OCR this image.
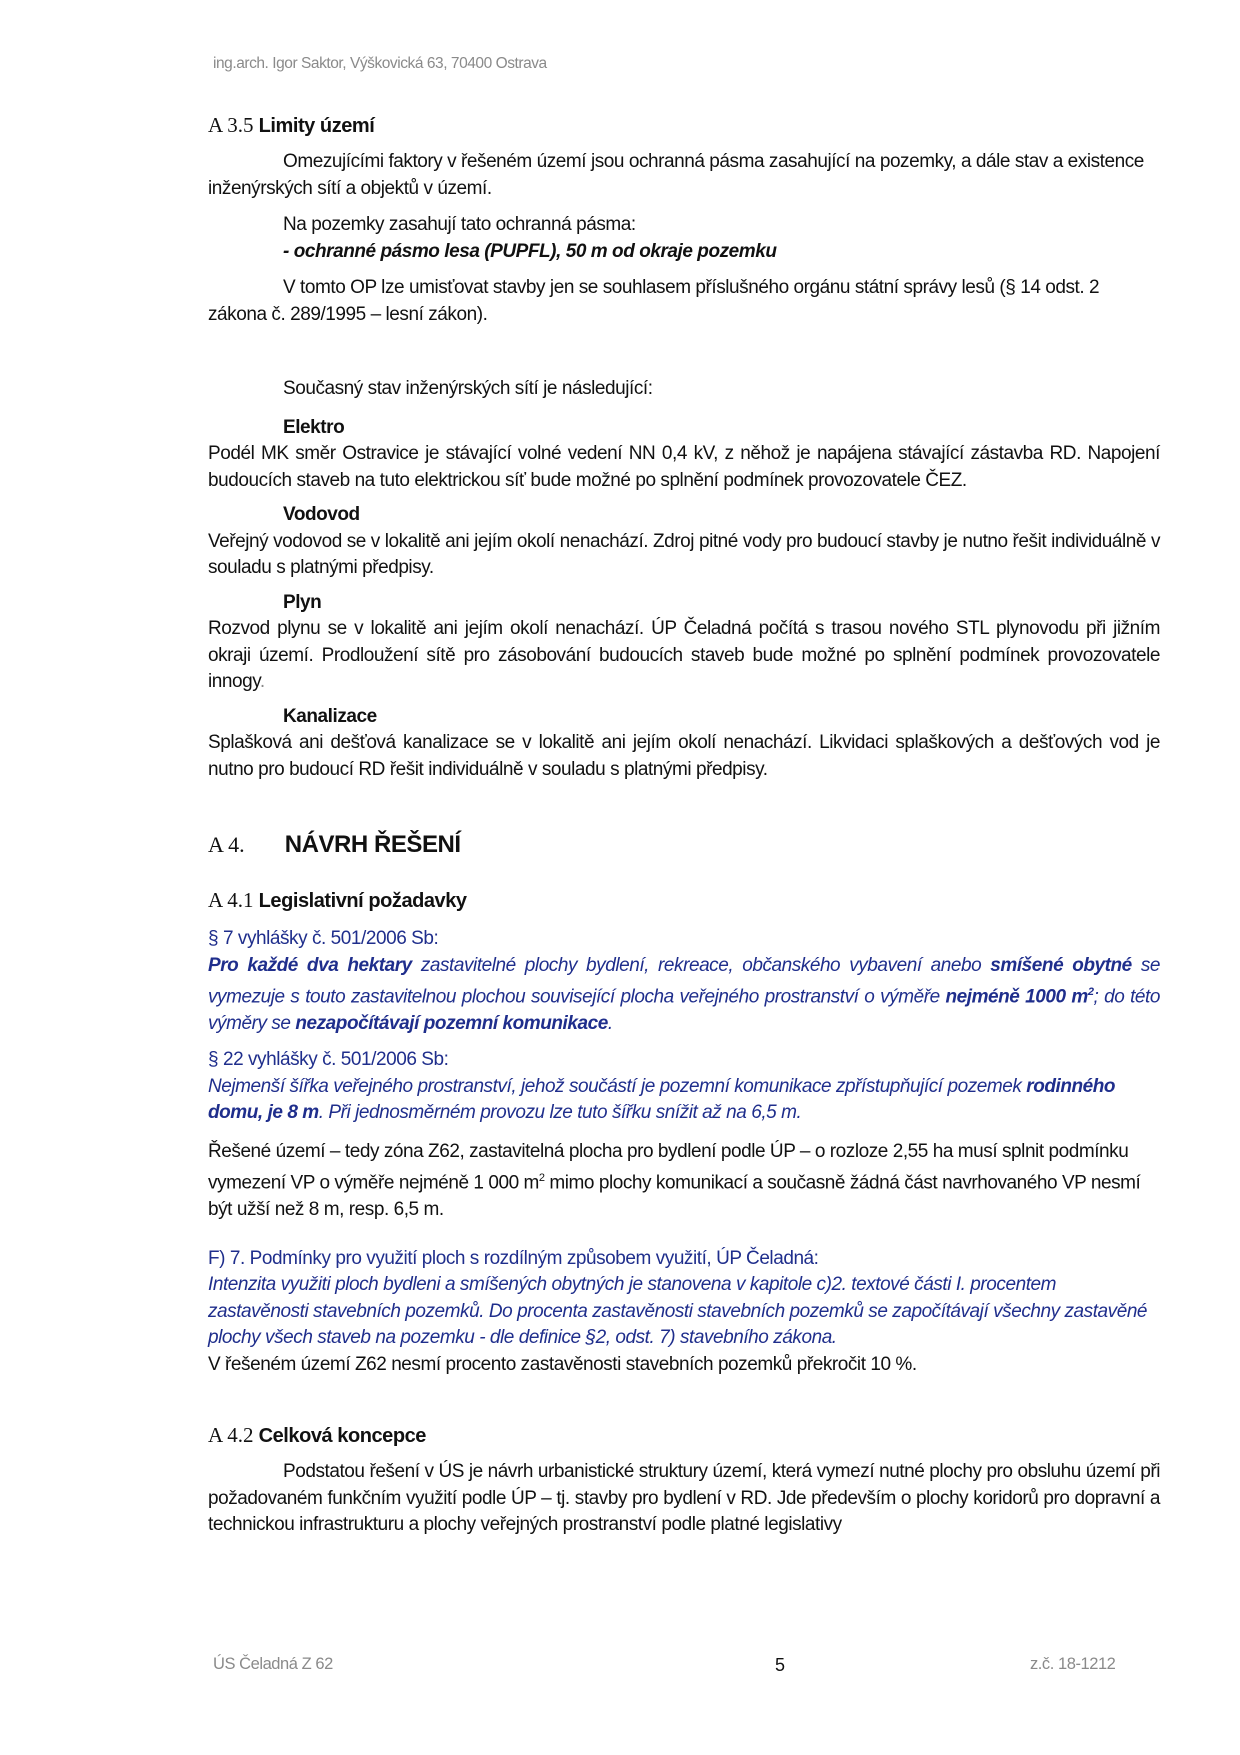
ing.arch. Igor Saktor, Výškovická 63, 70400 Ostrava
A 3.5 Limity území

Omezujícími faktory v řešeném území jsou ochranná pásma zasahující na pozemky, a dále stav a existence inženýrských sítí a objektů v území.

Na pozemky zasahují tato ochranná pásma:

- ochranné pásmo lesa (PUPFL), 50 m od okraje pozemku

V tomto OP lze umisťovat stavby jen se souhlasem příslušného orgánu státní správy lesů (§ 14 odst. 2 zákona č. 289/1995 – lesní zákon).

Současný stav inženýrských sítí je následující:

Elektro

Podél MK směr Ostravice je stávající volné vedení NN 0,4 kV, z něhož je napájena stávající zástavba RD. Napojení budoucích staveb na tuto elektrickou síť bude možné po splnění podmínek provozovatele ČEZ.

Vodovod

Veřejný vodovod se v lokalitě ani jejím okolí nenachází. Zdroj pitné vody pro budoucí stavby je nutno řešit individuálně v souladu s platnými předpisy.

Plyn

Rozvod plynu se v lokalitě ani jejím okolí nenachází. ÚP Čeladná počítá s trasou nového STL plynovodu při jižním okraji území. Prodloužení sítě pro zásobování budoucích staveb bude možné po splnění podmínek provozovatele innogy.

Kanalizace

Splašková ani dešťová kanalizace se v lokalitě ani jejím okolí nenachází. Likvidaci splaškových a dešťových vod je nutno pro budoucí RD řešit individuálně v souladu s platnými předpisy.

A 4. NÁVRH ŘEŠENÍ
A 4.1 Legislativní požadavky

§ 7 vyhlášky č. 501/2006 Sb:

Pro každé dva hektary zastavitelné plochy bydlení, rekreace, občanského vybavení anebo smíšené obytné se vymezuje s touto zastavitelnou plochou související plocha veřejného prostranství o výměře nejméně 1000 $m^2$; do této výměry se nezapočítávají pozemní komunikace.

§ 22 vyhlášky č. 501/2006 Sb:

Nejmenší šířka veřejného prostranství, jehož součástí je pozemní komunikace zpřístupňující pozemek rodinného domu, je 8 m. Při jednosměrném provozu lze tuto šířku snížit až na 6,5 m.

Řešené území – tedy zóna Z62, zastavitelná plocha pro bydlení podle ÚP – o rozloze 2,55 ha musí splnit podmínku vymezení VP o výměře nejméně 1 000 $m^2$ mimo plochy komunikací a současně žádná část navrhovaného VP nesmí být užší než 8 m, resp. 6,5 m.

F) 7. Podmínky pro využití ploch s rozdílným způsobem využití, ÚP Čeladná:

Intenzita využiti ploch bydleni a smíšených obytných je stanovena v kapitole c)2. textové části I. procentem zastavěnosti stavebních pozemků. Do procenta zastavěnosti stavebních pozemků se započítávají všechny zastavěné plochy všech staveb na pozemku - dle definice §2, odst. 7) stavebního zákona.

V řešeném území Z62 nesmí procento zastavěnosti stavebních pozemků překročit 10 %.

A 4.2 Celková koncepce

Podstatou řešení v ÚS je návrh urbanistické struktury území, která vymezí nutné plochy pro obsluhu území při požadovaném funkčním využití podle ÚP – tj. stavby pro bydlení v RD. Jde především o plochy koridorů pro dopravní a technickou infrastrukturu a plochy veřejných prostranství podle platné legislativy

ÚS Čeladná Z 62	5	z.č. 18-1212
